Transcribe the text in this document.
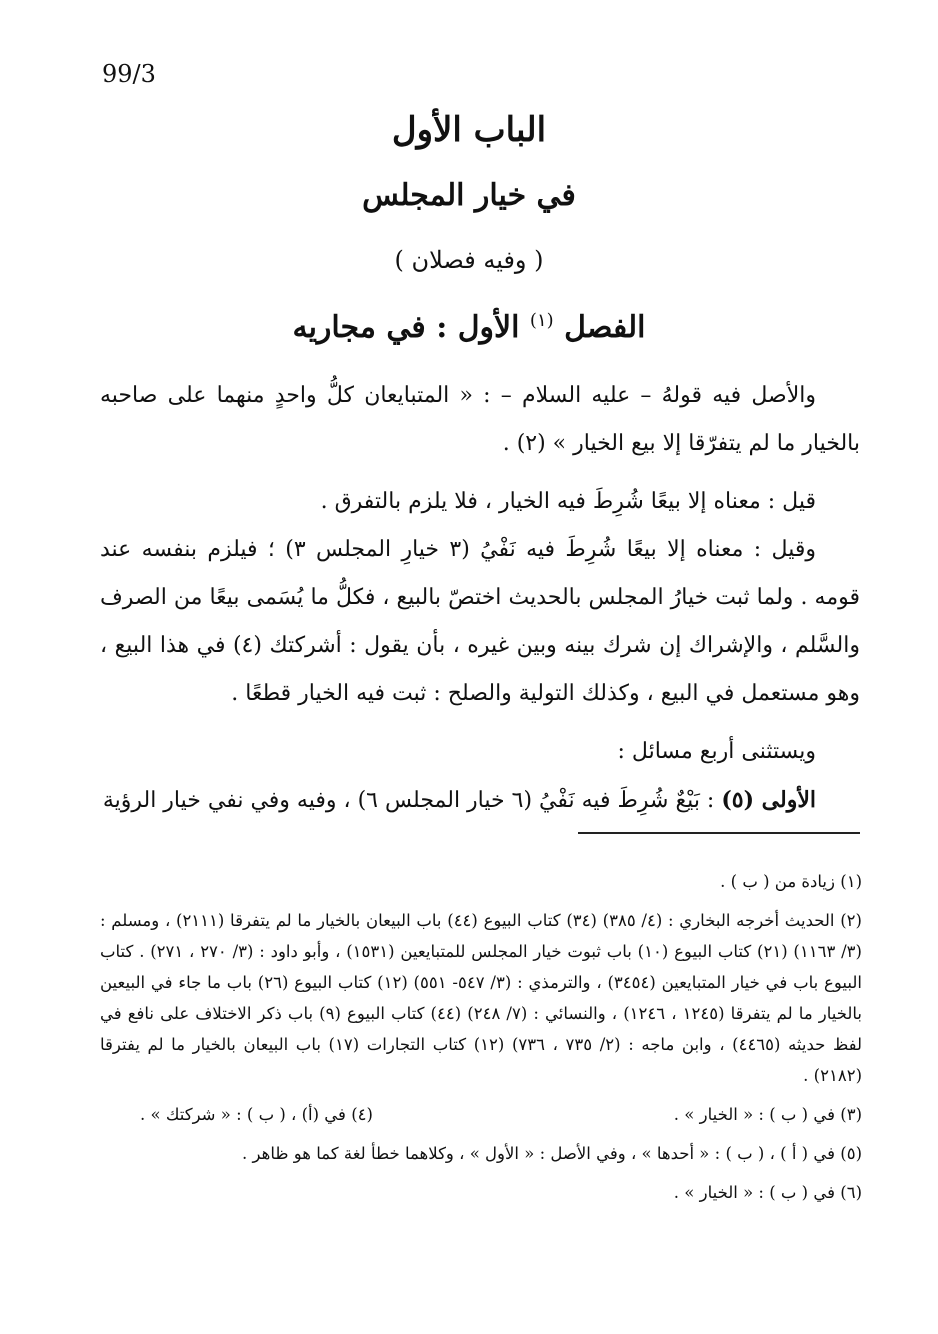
99/3
الباب الأول
في خيار المجلس
( وفيه فصلان )
الفصل $^{(١)}$ الأول : في مجاريه

والأصل فيه قولهُ – عليه السلام – : « المتبايعان كلُّ واحدٍ منهما على صاحبه بالخيار ما لم يتفرّقا إلا بيع الخيار » (٢) .

قيل : معناه إلا بيعًا شُرِطَ فيه الخيار ، فلا يلزم بالتفرق .

وقيل : معناه إلا بيعًا شُرِطَ فيه نَفْيُ (٣ خيارِ المجلس ٣) ؛ فيلزم بنفسه عند قومه . ولما ثبت خيارُ المجلس بالحديث اختصّ بالبيع ، فكلُّ ما يُسَمى بيعًا من الصرف والسَّلم ، والإشراك إن شرك بينه وبين غيره ، بأن يقول : أشركتك (٤) في هذا البيع ، وهو مستعمل في البيع ، وكذلك التولية والصلح : ثبت فيه الخيار قطعًا .

ويستثنى أربع مسائل :

الأولى (٥) : بَيْعٌ شُرِطَ فيه نَفْيُ (٦ خيار المجلس ٦) ، وفيه وفي نفي خيار الرؤية

(١) زيادة من ( ب ) .

(٢) الحديث أخرجه البخاري : (٤/ ٣٨٥) (٣٤) كتاب البيوع (٤٤) باب البيعان بالخيار ما لم يتفرقا (٢١١١) ، ومسلم : (٣/ ١١٦٣) (٢١) كتاب البيوع (١٠) باب ثبوت خيار المجلس للمتبايعين (١٥٣١) ، وأبو داود : (٣/ ٢٧٠ ، ٢٧١) . كتاب البيوع باب في خيار المتبايعين (٣٤٥٤) ، والترمذي : (٣/ ٥٤٧- ٥٥١) (١٢) كتاب البيوع (٢٦) باب ما جاء في البيعين بالخيار ما لم يتفرقا (١٢٤٥ ، ١٢٤٦) ، والنسائي : (٧/ ٢٤٨) (٤٤) كتاب البيوع (٩) باب ذكر الاختلاف على نافع في لفظ حديثه (٤٤٦٥) ، وابن ماجه : (٢/ ٧٣٥ ، ٧٣٦) (١٢) كتاب التجارات (١٧) باب البيعان بالخيار ما لم يفترقا (٢١٨٢) .

(٣) في ( ب ) : « الخيار » .
(٤) في (أ) ، ( ب ) : « شركتك » .

(٥) في ( أ ) ، ( ب ) : « أحدها » ، وفي الأصل : « الأول » ، وكلاهما خطأ لغة كما هو ظاهر .

(٦) في ( ب ) : « الخيار » .
